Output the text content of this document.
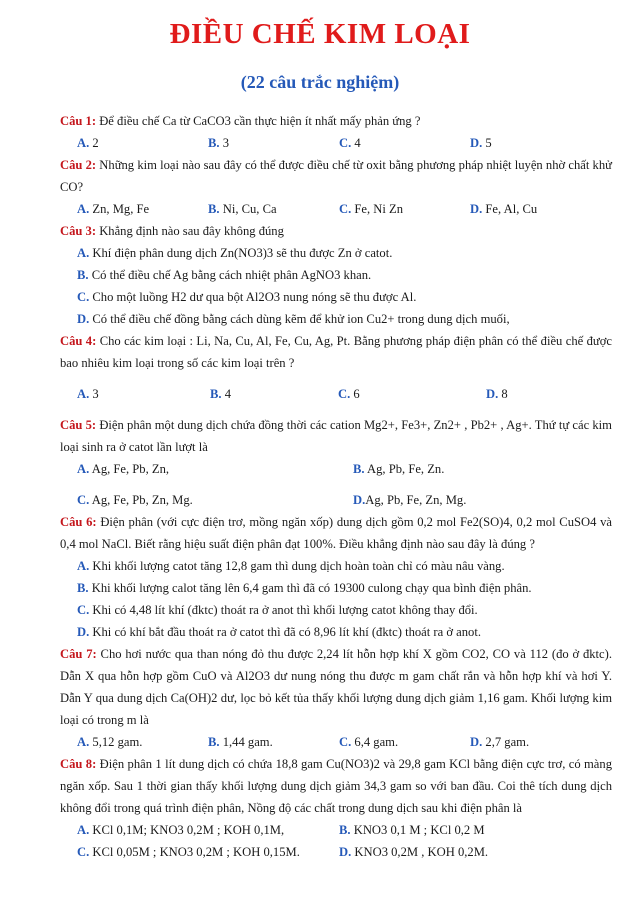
ĐIỀU CHẾ KIM LOẠI
(22 câu trắc nghiệm)

Câu 1: Để điều chế Ca từ CaCO3 cần thực hiện ít nhất mấy phản ứng ?

A. 2	B. 3	C. 4	D. 5

Câu 2: Những kim loại nào sau đây có thể được điều chế từ oxit bằng phương pháp nhiệt luyện nhờ chất khử CO?

A. Zn, Mg, Fe	B. Ni, Cu, Ca	C. Fe, Ni Zn	D. Fe, Al, Cu

Câu 3: Khẳng định nào sau đây không đúng

A. Khí điện phân dung dịch Zn(NO3)3 sẽ thu được Zn ở catot.
B. Có thể điều chế Ag bằng cách nhiệt phân AgNO3 khan.
C. Cho một luồng H2 dư qua bột Al2O3 nung nóng sẽ thu được Al.
D. Có thể điều chế đồng bằng cách dùng kẽm để khử ion Cu2+ trong dung dịch muối,

Câu 4: Cho các kim loại : Li, Na, Cu, Al, Fe, Cu, Ag, Pt. Bằng phương pháp điện phân có thể điều chế được bao nhiêu kim loại trong số các kim loại trên ?

A. 3	B. 4	C. 6	D. 8

Câu 5: Điện phân một dung dịch chứa đồng thời các cation Mg2+, Fe3+, Zn2+ , Pb2+ , Ag+. Thứ tự các kim loại sinh ra ở catot lần lượt là

A. Ag, Fe, Pb, Zn,	B. Ag, Pb, Fe, Zn.
C. Ag, Fe, Pb, Zn, Mg.	D.Ag, Pb, Fe, Zn, Mg.

Câu 6: Điện phân (với cực điện trơ, mồng ngăn xốp) dung dịch gồm 0,2 mol Fe2(SO)4, 0,2 mol CuSO4 và 0,4 mol NaCl. Biết rằng hiệu suất điện phân đạt 100%. Điều khẳng định nào sau đây là đúng ?

A. Khi khối lượng catot tăng 12,8 gam thì dung dịch hoàn toàn chỉ có màu nâu vàng.
B. Khi khối lượng calot tăng lên 6,4 gam thì đã có 19300 culong chạy qua bình điện phân.
C. Khi có 4,48 lít khí (đktc) thoát ra ở anot thì khối lượng catot không thay đổi.
D. Khi có khí bắt đầu thoát ra ở catot thì đã có 8,96 lít khí (đktc) thoát ra ở anot.

Câu 7: Cho hơi nước qua than nóng đỏ thu được 2,24 lít hỗn hợp khí X gồm CO2, CO và 112 (đo ở đktc). Dẫn X qua hỗn hợp gồm CuO và Al2O3 dư nung nóng thu được m gam chất rắn và hỗn hợp khí và hơi Y. Dẫn Y qua dung dịch Ca(OH)2 dư, lọc bỏ kết tủa thấy khối lượng dung dịch giảm 1,16 gam. Khối lượng kim loại có trong m là

A. 5,12 gam.	B. 1,44 gam.	C. 6,4 gam.	D. 2,7 gam.

Câu 8: Điện phân 1 lít dung dịch có chứa 18,8 gam Cu(NO3)2 và 29,8 gam KCl bằng điện cực trơ, có màng ngăn xốp. Sau 1 thời gian thấy khối lượng dung dịch giảm 34,3 gam so với ban đầu. Coi thê tích dung dịch không đổi trong quá trình điện phân, Nồng độ các chất trong dung dịch sau khi điện phân là

A. KCl 0,1M; KNO3 0,2M ; KOH 0,1M,	B. KNO3 0,1 M ; KCl 0,2 M
C. KCl 0,05M ; KNO3 0,2M ; KOH 0,15M.	D. KNO3 0,2M , KOH 0,2M.
